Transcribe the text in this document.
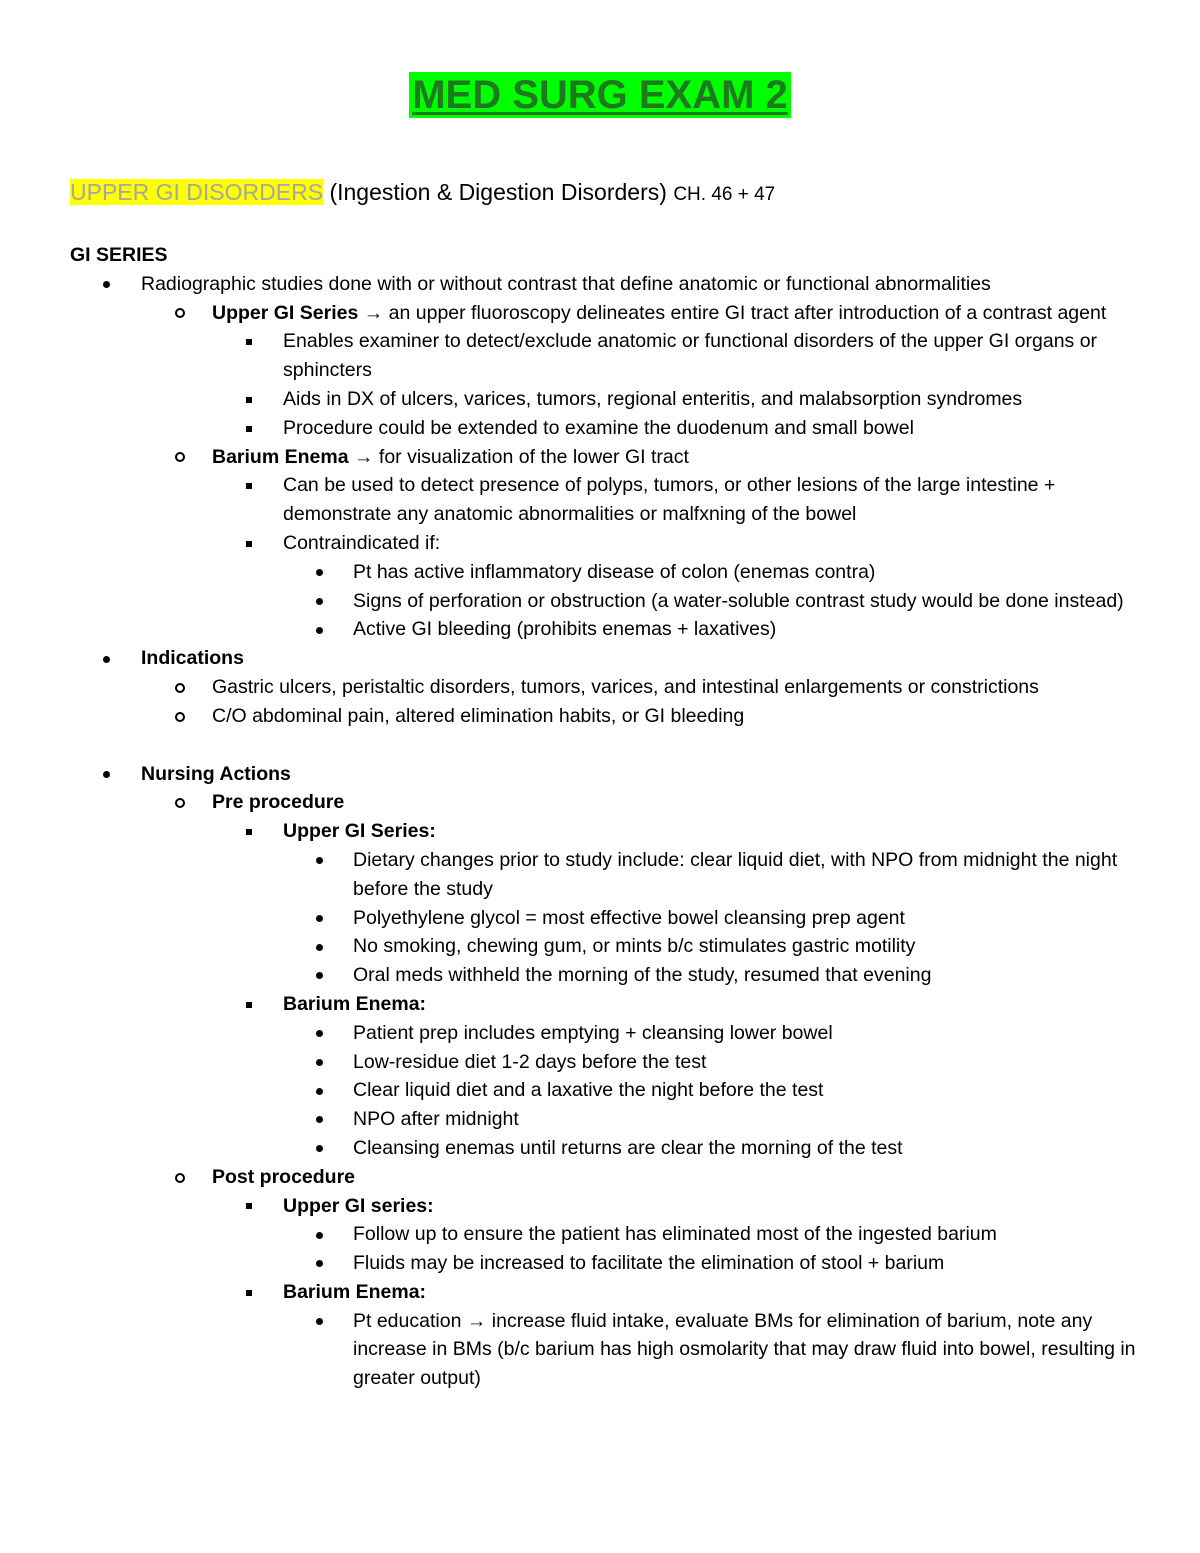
MED SURG EXAM 2
UPPER GI DISORDERS (Ingestion & Digestion Disorders) CH. 46 + 47
GI SERIES
Radiographic studies done with or without contrast that define anatomic or functional abnormalities
Upper GI Series → an upper fluoroscopy delineates entire GI tract after introduction of a contrast agent
Enables examiner to detect/exclude anatomic or functional disorders of the upper GI organs or sphincters
Aids in DX of ulcers, varices, tumors, regional enteritis, and malabsorption syndromes
Procedure could be extended to examine the duodenum and small bowel
Barium Enema → for visualization of the lower GI tract
Can be used to detect presence of polyps, tumors, or other lesions of the large intestine + demonstrate any anatomic abnormalities or malfxning of the bowel
Contraindicated if:
Pt has active inflammatory disease of colon (enemas contra)
Signs of perforation or obstruction (a water-soluble contrast study would be done instead)
Active GI bleeding (prohibits enemas + laxatives)
Indications
Gastric ulcers, peristaltic disorders, tumors, varices, and intestinal enlargements or constrictions
C/O abdominal pain, altered elimination habits, or GI bleeding
Nursing Actions
Pre procedure
Upper GI Series:
Dietary changes prior to study include: clear liquid diet, with NPO from midnight the night before the study
Polyethylene glycol = most effective bowel cleansing prep agent
No smoking, chewing gum, or mints b/c stimulates gastric motility
Oral meds withheld the morning of the study, resumed that evening
Barium Enema:
Patient prep includes emptying + cleansing lower bowel
Low-residue diet 1-2 days before the test
Clear liquid diet and a laxative the night before the test
NPO after midnight
Cleansing enemas until returns are clear the morning of the test
Post procedure
Upper GI series:
Follow up to ensure the patient has eliminated most of the ingested barium
Fluids may be increased to facilitate the elimination of stool + barium
Barium Enema:
Pt education → increase fluid intake, evaluate BMs for elimination of barium, note any increase in BMs (b/c barium has high osmolarity that may draw fluid into bowel, resulting in greater output)
